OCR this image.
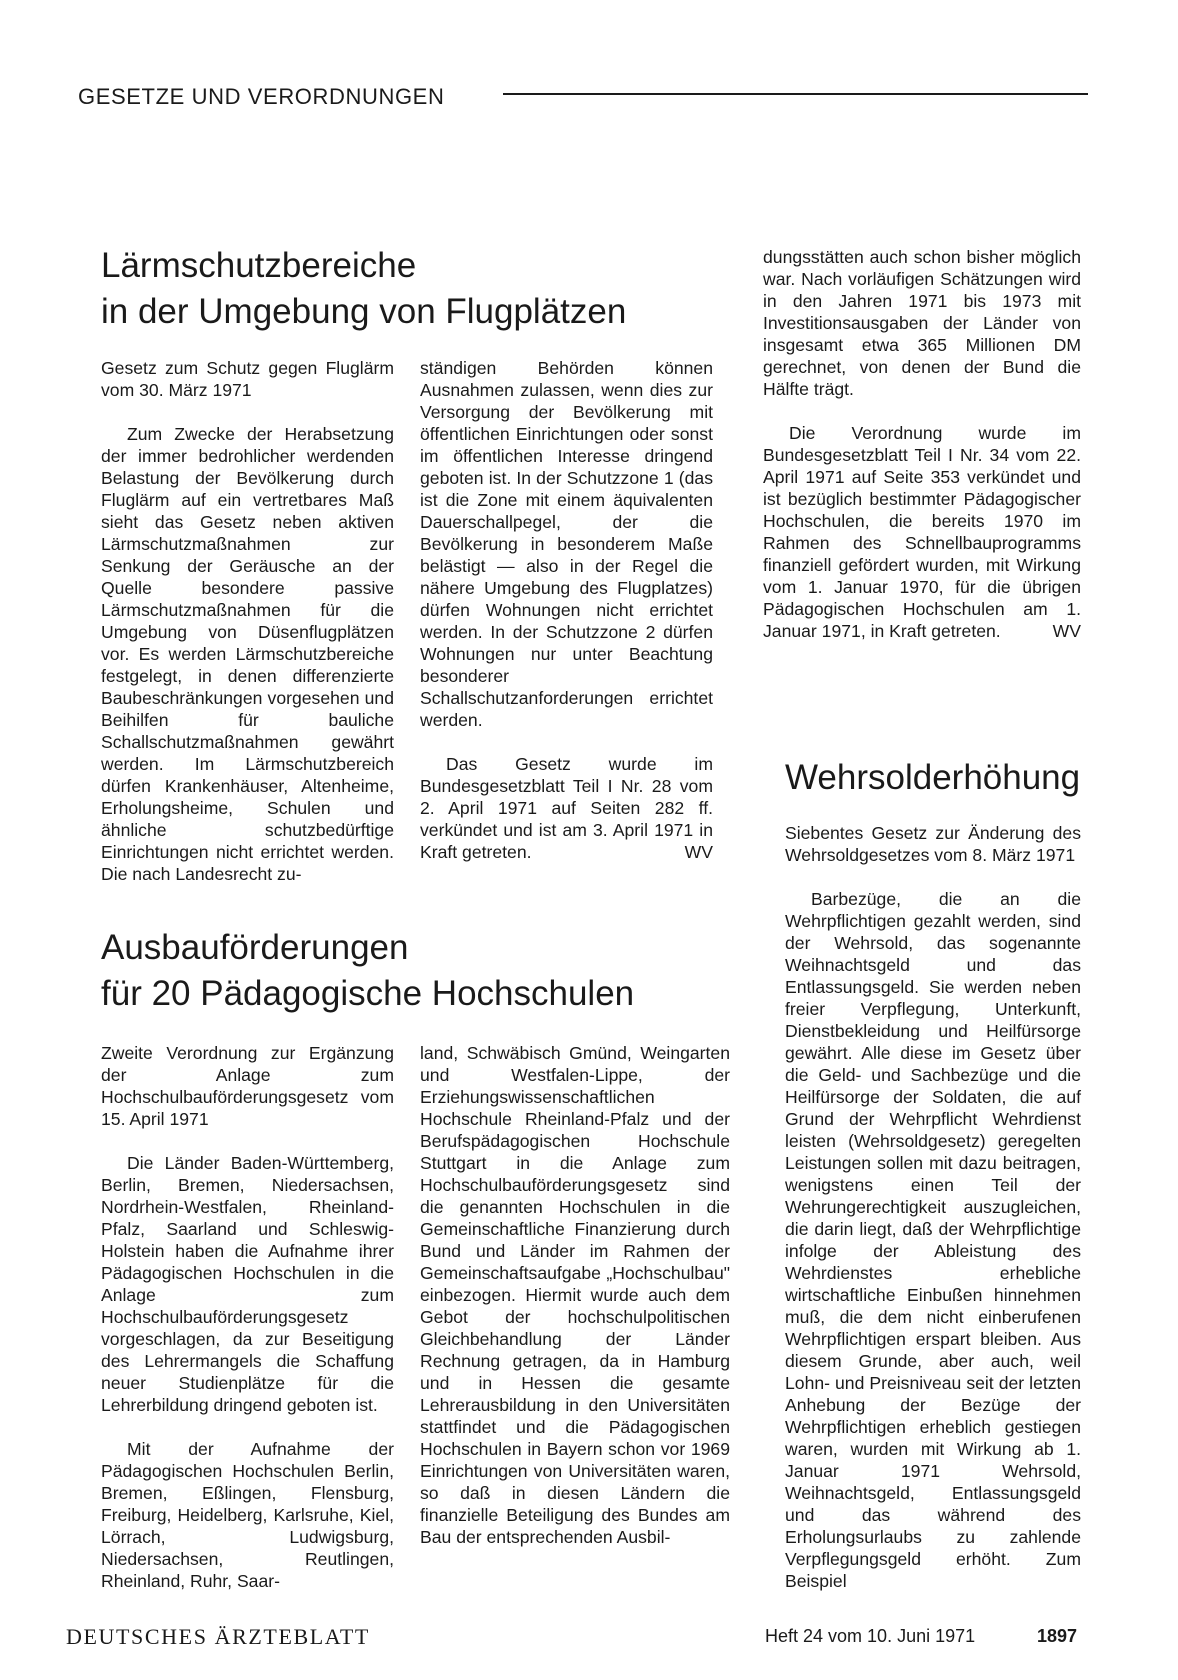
GESETZE UND VERORDNUNGEN
Lärmschutzbereiche
in der Umgebung von Flugplätzen

Gesetz zum Schutz gegen Fluglärm vom 30. März 1971

Zum Zwecke der Herabsetzung der immer bedrohlicher werdenden Belastung der Bevölkerung durch Fluglärm auf ein vertretbares Maß sieht das Gesetz neben aktiven Lärmschutzmaßnahmen zur Senkung der Geräusche an der Quelle besondere passive Lärmschutzmaßnahmen für die Umgebung von Düsenflugplätzen vor. Es werden Lärmschutzbereiche festgelegt, in denen differenzierte Baubeschränkungen vorgesehen und Beihilfen für bauliche Schallschutzmaßnahmen gewährt werden. Im Lärmschutzbereich dürfen Krankenhäuser, Altenheime, Erholungsheime, Schulen und ähnliche schutzbedürftige Einrichtungen nicht errichtet werden. Die nach Landesrecht zu-

ständigen Behörden können Ausnahmen zulassen, wenn dies zur Versorgung der Bevölkerung mit öffentlichen Einrichtungen oder sonst im öffentlichen Interesse dringend geboten ist. In der Schutzzone 1 (das ist die Zone mit einem äquivalenten Dauerschallpegel, der die Bevölkerung in besonderem Maße belästigt — also in der Regel die nähere Umgebung des Flugplatzes) dürfen Wohnungen nicht errichtet werden. In der Schutzzone 2 dürfen Wohnungen nur unter Beachtung besonderer Schallschutzanforderungen errichtet werden.

Das Gesetz wurde im Bundesgesetzblatt Teil I Nr. 28 vom 2. April 1971 auf Seiten 282 ff. verkündet und ist am 3. April 1971 in Kraft getreten.	WV

dungsstätten auch schon bisher möglich war. Nach vorläufigen Schätzungen wird in den Jahren 1971 bis 1973 mit Investitionsausgaben der Länder von insgesamt etwa 365 Millionen DM gerechnet, von denen der Bund die Hälfte trägt.

Die Verordnung wurde im Bundesgesetzblatt Teil I Nr. 34 vom 22. April 1971 auf Seite 353 verkündet und ist bezüglich bestimmter Pädagogischer Hochschulen, die bereits 1970 im Rahmen des Schnellbauprogramms finanziell gefördert wurden, mit Wirkung vom 1. Januar 1970, für die übrigen Pädagogischen Hochschulen am 1. Januar 1971, in Kraft getreten.	WV

Wehrsolderhöhung

Siebentes Gesetz zur Änderung des Wehrsoldgesetzes vom 8. März 1971

Barbezüge, die an die Wehrpflichtigen gezahlt werden, sind der Wehrsold, das sogenannte Weihnachtsgeld und das Entlassungsgeld. Sie werden neben freier Verpflegung, Unterkunft, Dienstbekleidung und Heilfürsorge gewährt. Alle diese im Gesetz über die Geld- und Sachbezüge und die Heilfürsorge der Soldaten, die auf Grund der Wehrpflicht Wehrdienst leisten (Wehrsoldgesetz) geregelten Leistungen sollen mit dazu beitragen, wenigstens einen Teil der Wehrungerechtigkeit auszugleichen, die darin liegt, daß der Wehrpflichtige infolge der Ableistung des Wehrdienstes erhebliche wirtschaftliche Einbußen hinnehmen muß, die dem nicht einberufenen Wehrpflichtigen erspart bleiben. Aus diesem Grunde, aber auch, weil Lohn- und Preisniveau seit der letzten Anhebung der Bezüge der Wehrpflichtigen erheblich gestiegen waren, wurden mit Wirkung ab 1. Januar 1971 Wehrsold, Weihnachtsgeld, Entlassungsgeld und das während des Erholungsurlaubs zu zahlende Verpflegungsgeld erhöht. Zum Beispiel

Ausbauförderungen
für 20 Pädagogische Hochschulen

Zweite Verordnung zur Ergänzung der Anlage zum Hochschulbauförderungsgesetz vom 15. April 1971

Die Länder Baden-Württemberg, Berlin, Bremen, Niedersachsen, Nordrhein-Westfalen, Rheinland-Pfalz, Saarland und Schleswig-Holstein haben die Aufnahme ihrer Pädagogischen Hochschulen in die Anlage zum Hochschulbauförderungsgesetz vorgeschlagen, da zur Beseitigung des Lehrermangels die Schaffung neuer Studienplätze für die Lehrerbildung dringend geboten ist.

Mit der Aufnahme der Pädagogischen Hochschulen Berlin, Bremen, Eßlingen, Flensburg, Freiburg, Heidelberg, Karlsruhe, Kiel, Lörrach, Ludwigsburg, Niedersachsen, Reutlingen, Rheinland, Ruhr, Saar-

land, Schwäbisch Gmünd, Weingarten und Westfalen-Lippe, der Erziehungswissenschaftlichen Hochschule Rheinland-Pfalz und der Berufspädagogischen Hochschule Stuttgart in die Anlage zum Hochschulbauförderungsgesetz sind die genannten Hochschulen in die Gemeinschaftliche Finanzierung durch Bund und Länder im Rahmen der Gemeinschaftsaufgabe „Hochschulbau" einbezogen. Hiermit wurde auch dem Gebot der hochschulpolitischen Gleichbehandlung der Länder Rechnung getragen, da in Hamburg und in Hessen die gesamte Lehrerausbildung in den Universitäten stattfindet und die Pädagogischen Hochschulen in Bayern schon vor 1969 Einrichtungen von Universitäten waren, so daß in diesen Ländern die finanzielle Beteiligung des Bundes am Bau der entsprechenden Ausbil-

DEUTSCHES ÄRZTEBLATT	Heft 24 vom 10. Juni 1971	1897
